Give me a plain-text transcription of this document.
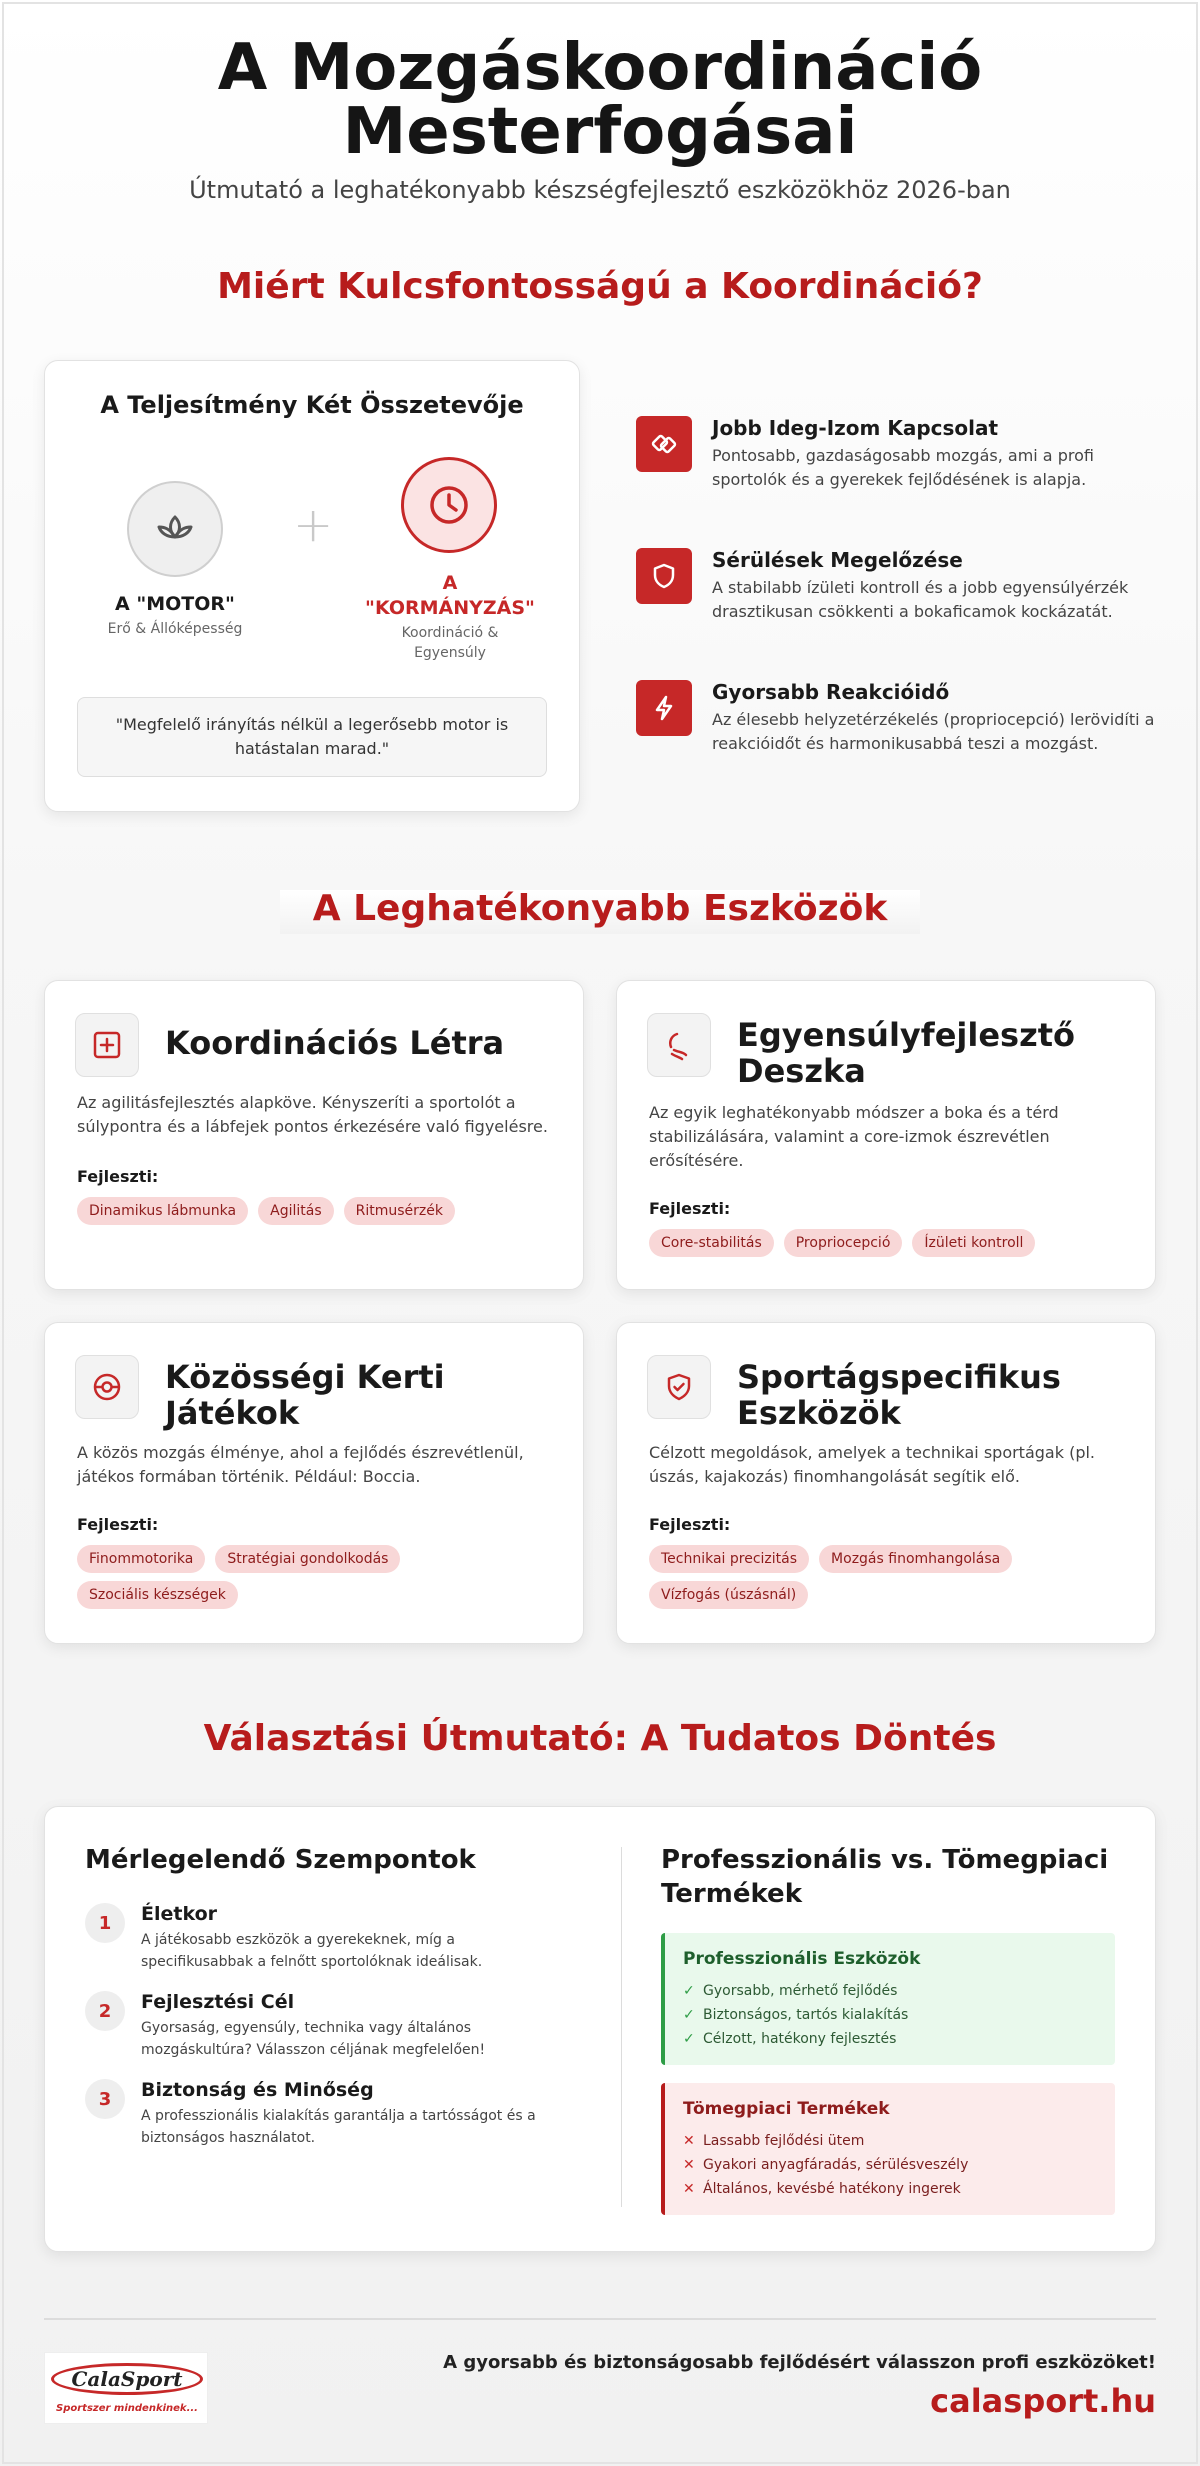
A Mozgáskoordináció
Mesterfogásai
Útmutató a leghatékonyabb készségfejlesztő eszközökhöz 2026-ban
Miért Kulcsfontosságú a Koordináció?
A Teljesítmény Két Összetevője
+
A "MOTOR"
Erő & Állóképesség
A
"KORMÁNYZÁS"
Koordináció &
Egyensúly
"Megfelelő irányítás nélkül a legerősebb motor is hatástalan marad."
Jobb Ideg-Izom Kapcsolat
Pontosabb, gazdaságosabb mozgás, ami a profi sportolók és a gyerekek fejlődésének is alapja.
Sérülések Megelőzése
A stabilabb ízületi kontroll és a jobb egyensúlyérzék drasztikusan csökkenti a bokaficamok kockázatát.
Gyorsabb Reakcióidő
Az élesebb helyzetérzékelés (propriocepció) lerövidíti a reakcióidőt és harmonikusabbá teszi a mozgást.
A Leghatékonyabb Eszközök
Koordinációs Létra
Az agilitásfejlesztés alapköve. Kényszeríti a sportolót a súlypontra és a lábfejek pontos érkezésére való figyelésre.
Fejleszti:
Dinamikus lábmunka	Agilitás	Ritmusérzék
Egyensúlyfejlesztő Deszka
Az egyik leghatékonyabb módszer a boka és a térd stabilizálására, valamint a core-izmok észrevétlen erősítésére.
Fejleszti:
Core-stabilitás	Propriocepció	Ízületi kontroll
Közösségi Kerti Játékok
A közös mozgás élménye, ahol a fejlődés észrevétlenül, játékos formában történik. Például: Boccia.
Fejleszti:
Finommotorika	Stratégiai gondolkodás
Szociális készségek
Sportágspecifikus Eszközök
Célzott megoldások, amelyek a technikai sportágak (pl. úszás, kajakozás) finomhangolását segítik elő.
Fejleszti:
Technikai precizitás	Mozgás finomhangolása
Vízfogás (úszásnál)
Választási Útmutató: A Tudatos Döntés
Mérlegelendő Szempontok
1	Életkor
A játékosabb eszközök a gyerekeknek, míg a specifikusabbak a felnőtt sportolóknak ideálisak.
2	Fejlesztési Cél
Gyorsaság, egyensúly, technika vagy általános mozgáskultúra? Válasszon céljának megfelelően!
3	Biztonság és Minőség
A professzionális kialakítás garantálja a tartósságot és a biztonságos használatot.
Professzionális vs. Tömegpiaci
Termékek
Professzionális Eszközök
✓ Gyorsabb, mérhető fejlődés
✓ Biztonságos, tartós kialakítás
✓ Célzott, hatékony fejlesztés
Tömegpiaci Termékek
✕ Lassabb fejlődési ütem
✕ Gyakori anyagfáradás, sérülésveszély
✕ Általános, kevésbé hatékony ingerek
CalaSport
Sportszer mindenkinek...
A gyorsabb és biztonságosabb fejlődésért válasszon profi eszközöket!
calasport.hu
